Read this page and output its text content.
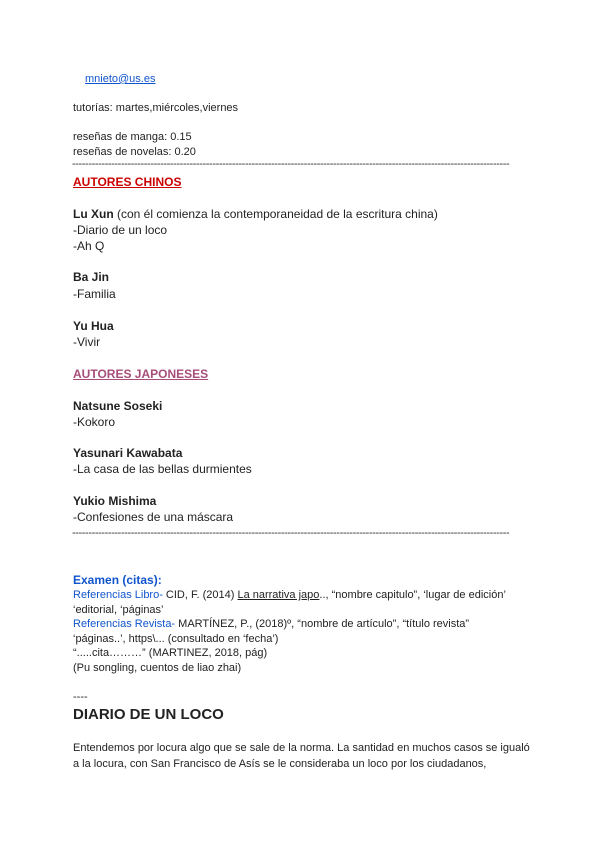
mnieto@us.es
tutorías: martes,miércoles,viernes
reseñas de manga: 0.15
reseñas de novelas: 0.20
--------------------------------------------------------------------------------------------------------------------------------------
AUTORES CHINOS
Lu Xun (con él comienza la contemporaneidad de la escritura china)
-Diario de un loco
-Ah Q
Ba Jin
-Familia
Yu Hua
-Vivir
AUTORES JAPONESES
Natsune Soseki
-Kokoro
Yasunari Kawabata
-La casa de las bellas durmientes
Yukio Mishima
-Confesiones de una máscara
--------------------------------------------------------------------------------------------------------------------------------------
Examen (citas):
Referencias Libro- CID, F. (2014) La narrativa japo.., “nombre capitulo”, ‘lugar de edición’
‘editorial, ‘páginas’
Referencias Revista- MARTÍNEZ, P., (2018)º, “nombre de artículo”, “título revista”
‘páginas..’, https\... (consultado en ‘fecha’)
“.....cita………” (MARTINEZ, 2018, pág)
(Pu songling, cuentos de liao zhai)
----
DIARIO DE UN LOCO
Entendemos por locura algo que se sale de la norma. La santidad en muchos casos se igualó a la locura, con San Francisco de Asís se le consideraba un loco por los ciudadanos,
